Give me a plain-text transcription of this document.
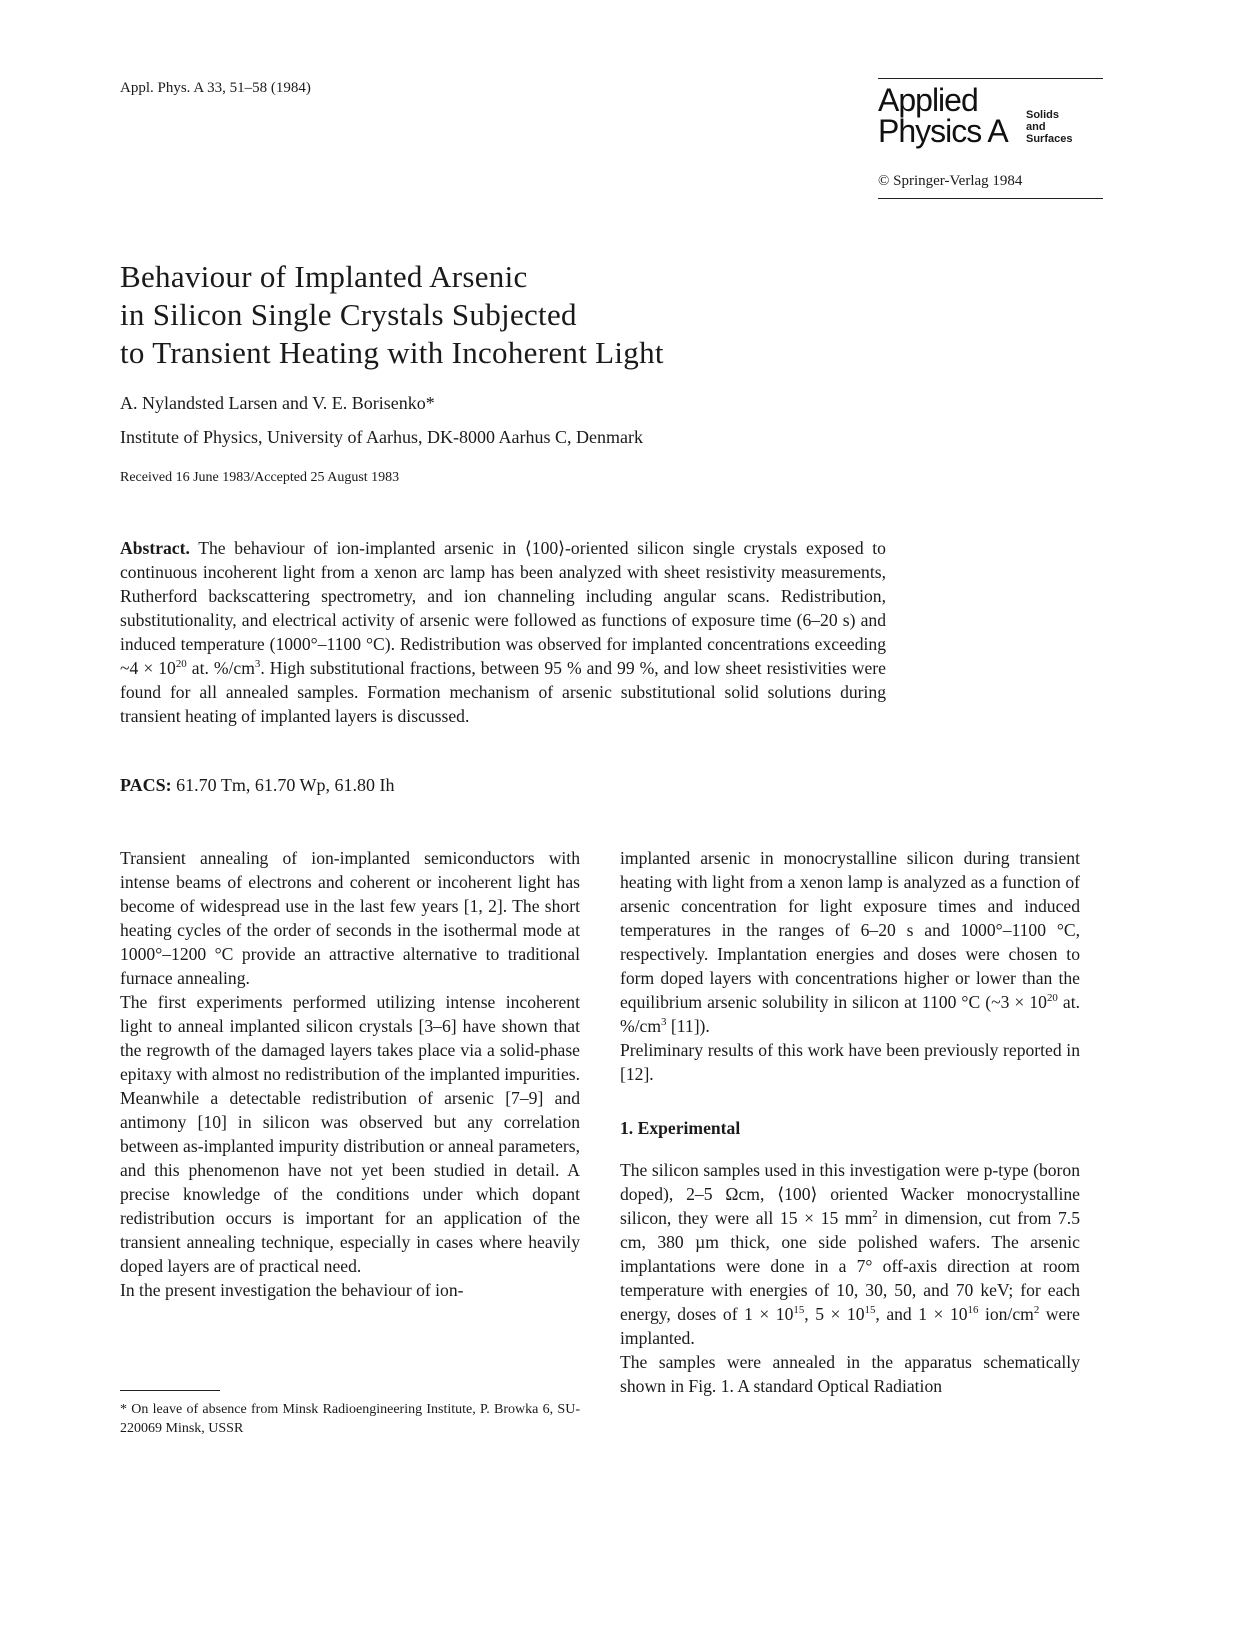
Appl. Phys. A 33, 51–58 (1984)	Applied
Physics A Solids
and
Surfaces
© Springer-Verlag 1984
Behaviour of Implanted Arsenic
in Silicon Single Crystals Subjected
to Transient Heating with Incoherent Light
A. Nylandsted Larsen and V. E. Borisenko*
Institute of Physics, University of Aarhus, DK-8000 Aarhus C, Denmark
Received 16 June 1983/Accepted 25 August 1983
Abstract. The behaviour of ion-implanted arsenic in ⟨100⟩-oriented silicon single crystals exposed to continuous incoherent light from a xenon arc lamp has been analyzed with sheet resistivity measurements, Rutherford backscattering spectrometry, and ion channeling including angular scans. Redistribution, substitutionality, and electrical activity of arsenic were followed as functions of exposure time (6–20 s) and induced temperature (1000°–1100 °C). Redistribution was observed for implanted concentrations exceeding ~4 × $10^{20}$ at. $\%/cm^3$. High substitutional fractions, between 95 % and 99 %, and low sheet resistivities were found for all annealed samples. Formation mechanism of arsenic substitutional solid solutions during transient heating of implanted layers is discussed.
PACS: 61.70 Tm, 61.70 Wp, 61.80 Ih

Transient annealing of ion-implanted semiconductors with intense beams of electrons and coherent or incoherent light has become of widespread use in the last few years [1, 2]. The short heating cycles of the order of seconds in the isothermal mode at 1000°–1200 °C provide an attractive alternative to traditional furnace annealing.

The first experiments performed utilizing intense incoherent light to anneal implanted silicon crystals [3–6] have shown that the regrowth of the damaged layers takes place via a solid-phase epitaxy with almost no redistribution of the implanted impurities. Meanwhile a detectable redistribution of arsenic [7–9] and antimony [10] in silicon was observed but any correlation between as-implanted impurity distribution or anneal parameters, and this phenomenon have not yet been studied in detail. A precise knowledge of the conditions under which dopant redistribution occurs is important for an application of the transient annealing technique, especially in cases where heavily doped layers are of practical need.

In the present investigation the behaviour of ion-

implanted arsenic in monocrystalline silicon during transient heating with light from a xenon lamp is analyzed as a function of arsenic concentration for light exposure times and induced temperatures in the ranges of 6–20 s and 1000°–1100 °C, respectively. Implantation energies and doses were chosen to form doped layers with concentrations higher or lower than the equilibrium arsenic solubility in silicon at 1100 °C (~3 × $10^{20}$ at. $\%/cm^3$ [11]).

Preliminary results of this work have been previously reported in [12].

1. Experimental

The silicon samples used in this investigation were p-type (boron doped), 2–5 Ωcm, ⟨100⟩ oriented Wacker monocrystalline silicon, they were all 15 × 15 $mm^2$ in dimension, cut from 7.5 cm, 380 µm thick, one side polished wafers. The arsenic implantations were done in a 7° off-axis direction at room temperature with energies of 10, 30, 50, and 70 keV; for each energy, doses of $1 \times 10^{15}$, $5 \times 10^{15}$, and $1 \times 10^{16}$ ion/$cm^2$ were implanted.

The samples were annealed in the apparatus schematically shown in Fig. 1. A standard Optical Radiation

* On leave of absence from Minsk Radioengineering Institute, P. Browka 6, SU-220069 Minsk, USSR
